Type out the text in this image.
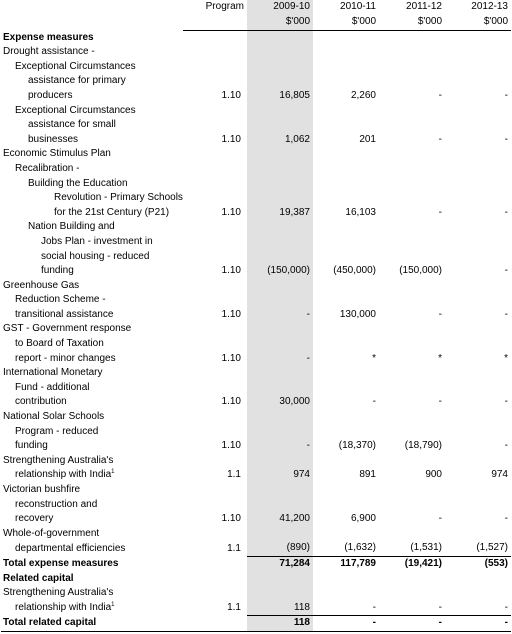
	Program	2009-10	2010-11	2011-12	2012-13
		$'000	$'000	$'000	$'000
Expense measures					
Drought assistance -					
Exceptional Circumstances					
assistance for primary					
producers	1.10	16,805	2,260	-	-
Exceptional Circumstances					
assistance for small					
businesses	1.10	1,062	201	-	-
Economic Stimulus Plan					
Recalibration -					
Building the Education					
Revolution - Primary Schools					
for the 21st Century (P21)	1.10	19,387	16,103	-	-
Nation Building and					
Jobs Plan - investment in					
social housing - reduced					
funding	1.10	(150,000)	(450,000)	(150,000)	-
Greenhouse Gas					
Reduction Scheme -					
transitional assistance	1.10	-	130,000	-	-
GST - Government response					
to Board of Taxation					
report - minor changes	1.10	-	*	*	*
International Monetary					
Fund - additional					
contribution	1.10	30,000	-	-	-
National Solar Schools					
Program - reduced					
funding	1.10	-	(18,370)	(18,790)	-
Strengthening Australia's					
relationship with India$^1$	1.1	974	891	900	974
Victorian bushfire					
reconstruction and					
recovery	1.10	41,200	6,900	-	-
Whole-of-government					
departmental efficiencies	1.1	(890)	(1,632)	(1,531)	(1,527)
Total expense measures		71,284	117,789	(19,421)	(553)
Related capital					
Strengthening Australia's					
relationship with India$^1$	1.1	118	-	-	-
Total related capital		118	-	-	-
